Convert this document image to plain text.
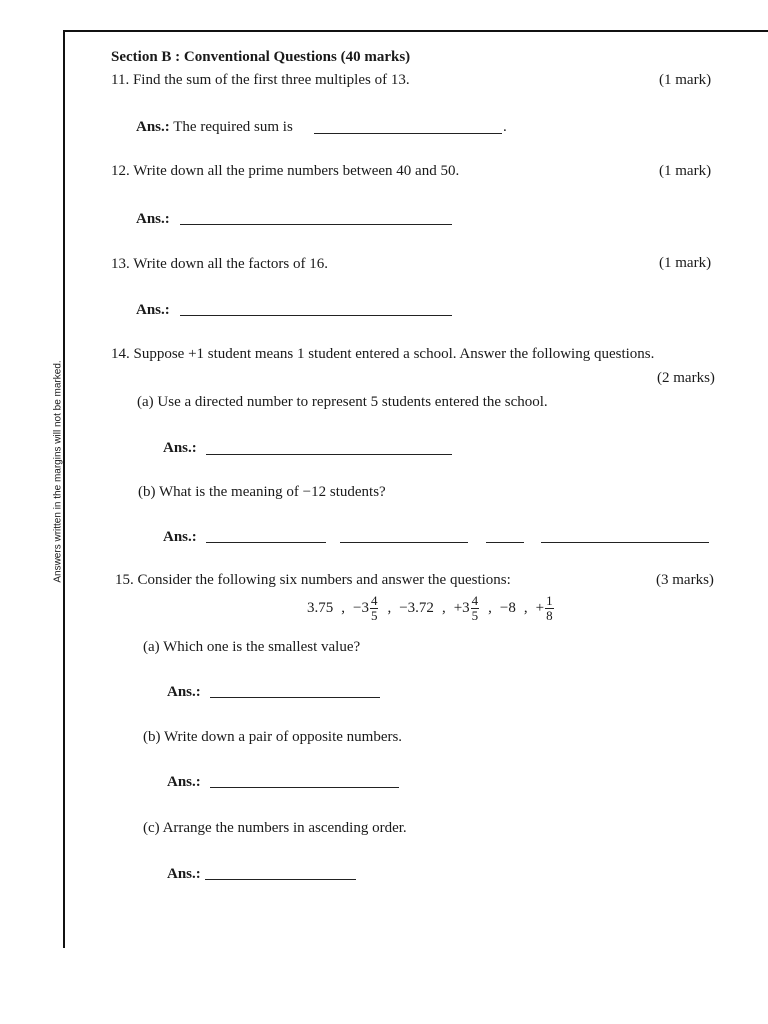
Answers written in the margins will not be marked.
Section B : Conventional Questions (40 marks)
11. Find the sum of the first three multiples of 13.	(1 mark)
Ans.: The required sum is	.
12. Write down all the prime numbers between 40 and 50.	(1 mark)
Ans.:
13. Write down all the factors of 16.	(1 mark)
Ans.:
14. Suppose +1 student means 1 student entered a school. Answer the following questions.
(2 marks)
(a) Use a directed number to represent 5 students entered the school.
Ans.:
(b) What is the meaning of −12 students?
Ans.:
15. Consider the following six numbers and answer the questions:	(3 marks)
3.75 , $-3 \frac{4}{5}$ , −3.72 , $+3 \frac{4}{5}$ , −8 , + $\frac{1}{8}$
(a) Which one is the smallest value?
Ans.:
(b) Write down a pair of opposite numbers.
Ans.:
(c) Arrange the numbers in ascending order.
Ans.:
